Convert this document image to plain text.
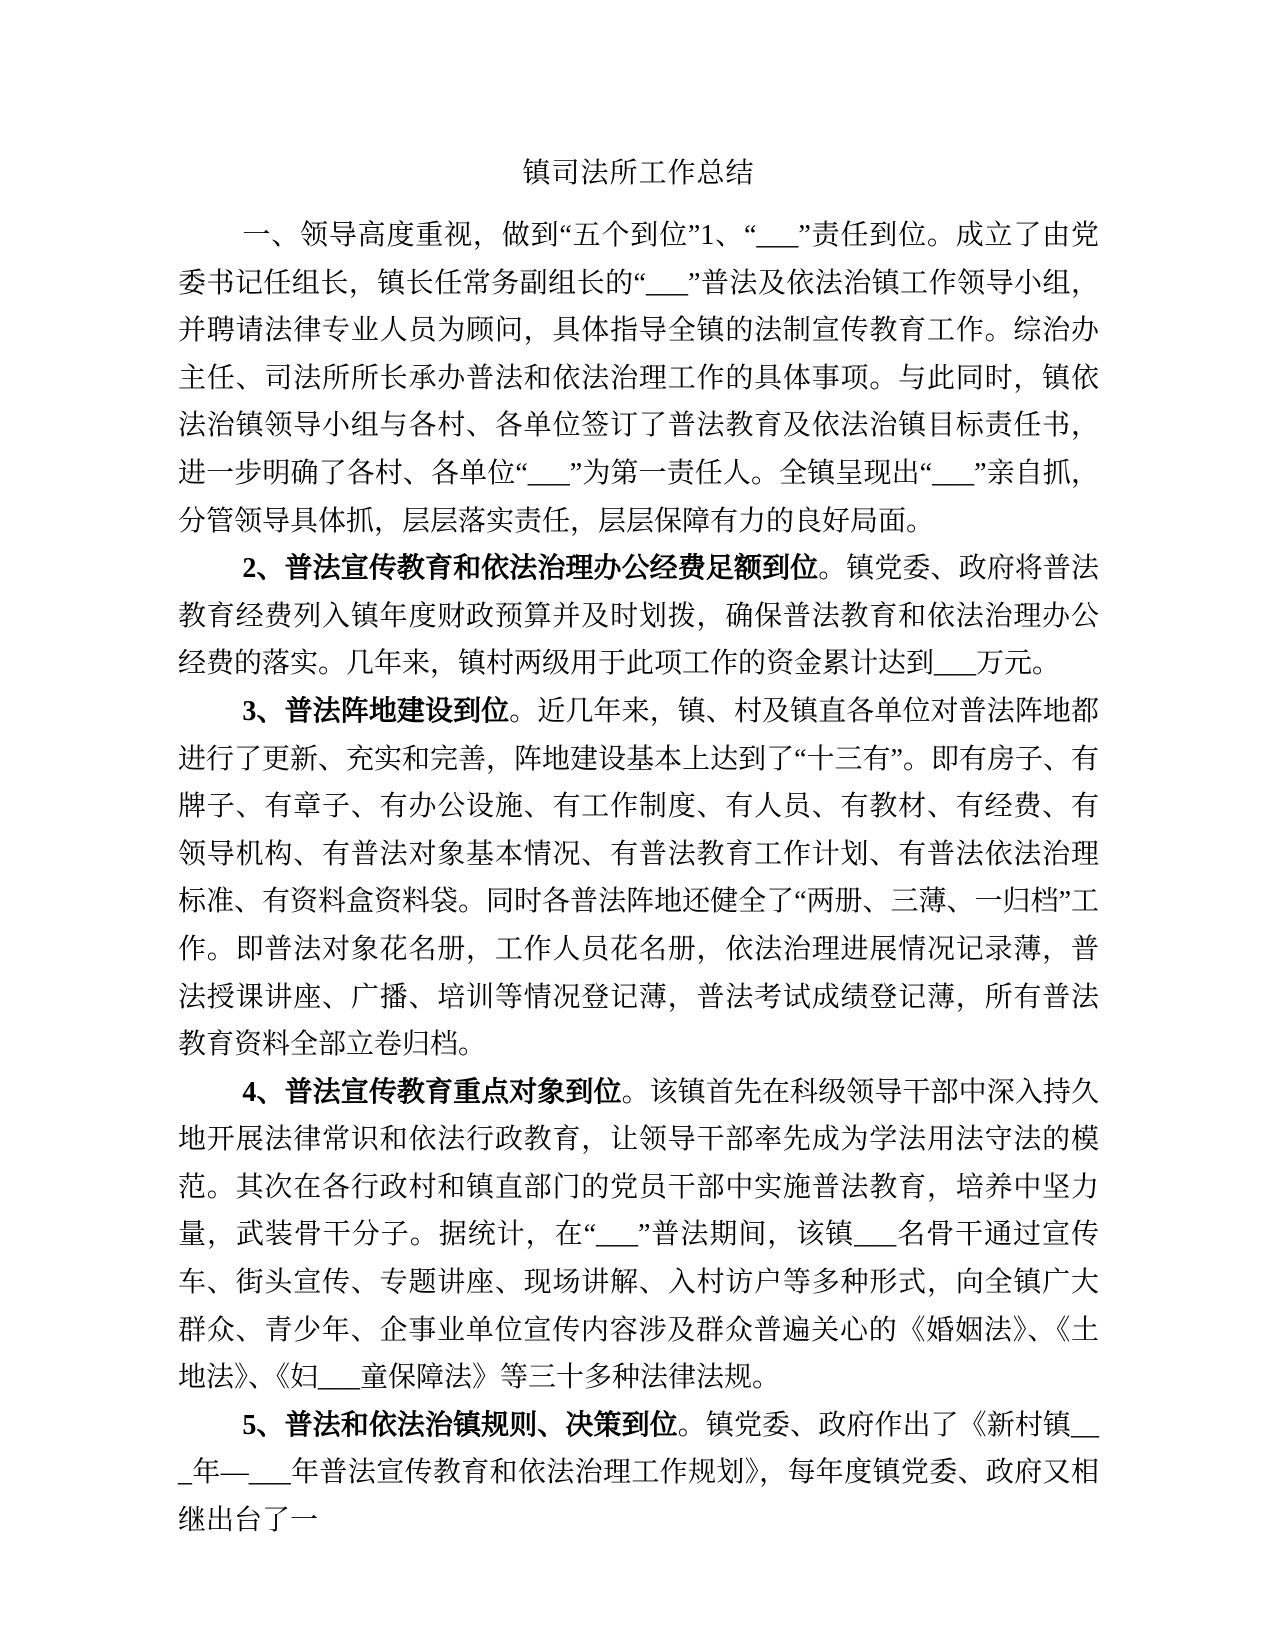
镇司法所工作总结

一、领导高度重视，做到“五个到位”1、“___”责任到位。成立了由党委书记任组长，镇长任常务副组长的“___”普法及依法治镇工作领导小组，并聘请法律专业人员为顾问，具体指导全镇的法制宣传教育工作。综治办主任、司法所所长承办普法和依法治理工作的具体事项。与此同时，镇依法治镇领导小组与各村、各单位签订了普法教育及依法治镇目标责任书，进一步明确了各村、各单位“___”为第一责任人。全镇呈现出“___”亲自抓，分管领导具体抓，层层落实责任，层层保障有力的良好局面。

2、普法宣传教育和依法治理办公经费足额到位。镇党委、政府将普法教育经费列入镇年度财政预算并及时划拨，确保普法教育和依法治理办公经费的落实。几年来，镇村两级用于此项工作的资金累计达到___万元。

3、普法阵地建设到位。近几年来，镇、村及镇直各单位对普法阵地都进行了更新、充实和完善，阵地建设基本上达到了“十三有”。即有房子、有牌子、有章子、有办公设施、有工作制度、有人员、有教材、有经费、有领导机构、有普法对象基本情况、有普法教育工作计划、有普法依法治理标准、有资料盒资料袋。同时各普法阵地还健全了“两册、三薄、一归档”工作。即普法对象花名册，工作人员花名册，依法治理进展情况记录薄，普法授课讲座、广播、培训等情况登记薄，普法考试成绩登记薄，所有普法教育资料全部立卷归档。

4、普法宣传教育重点对象到位。该镇首先在科级领导干部中深入持久地开展法律常识和依法行政教育，让领导干部率先成为学法用法守法的模范。其次在各行政村和镇直部门的党员干部中实施普法教育，培养中坚力量，武装骨干分子。据统计，在“___”普法期间，该镇___名骨干通过宣传车、街头宣传、专题讲座、现场讲解、入村访户等多种形式，向全镇广大群众、青少年、企事业单位宣传内容涉及群众普遍关心的《婚姻法》、《土地法》、《妇___童保障法》等三十多种法律法规。

5、普法和依法治镇规则、决策到位。镇党委、政府作出了《新村镇___年—___年普法宣传教育和依法治理工作规划》，每年度镇党委、政府又相继出台了一
